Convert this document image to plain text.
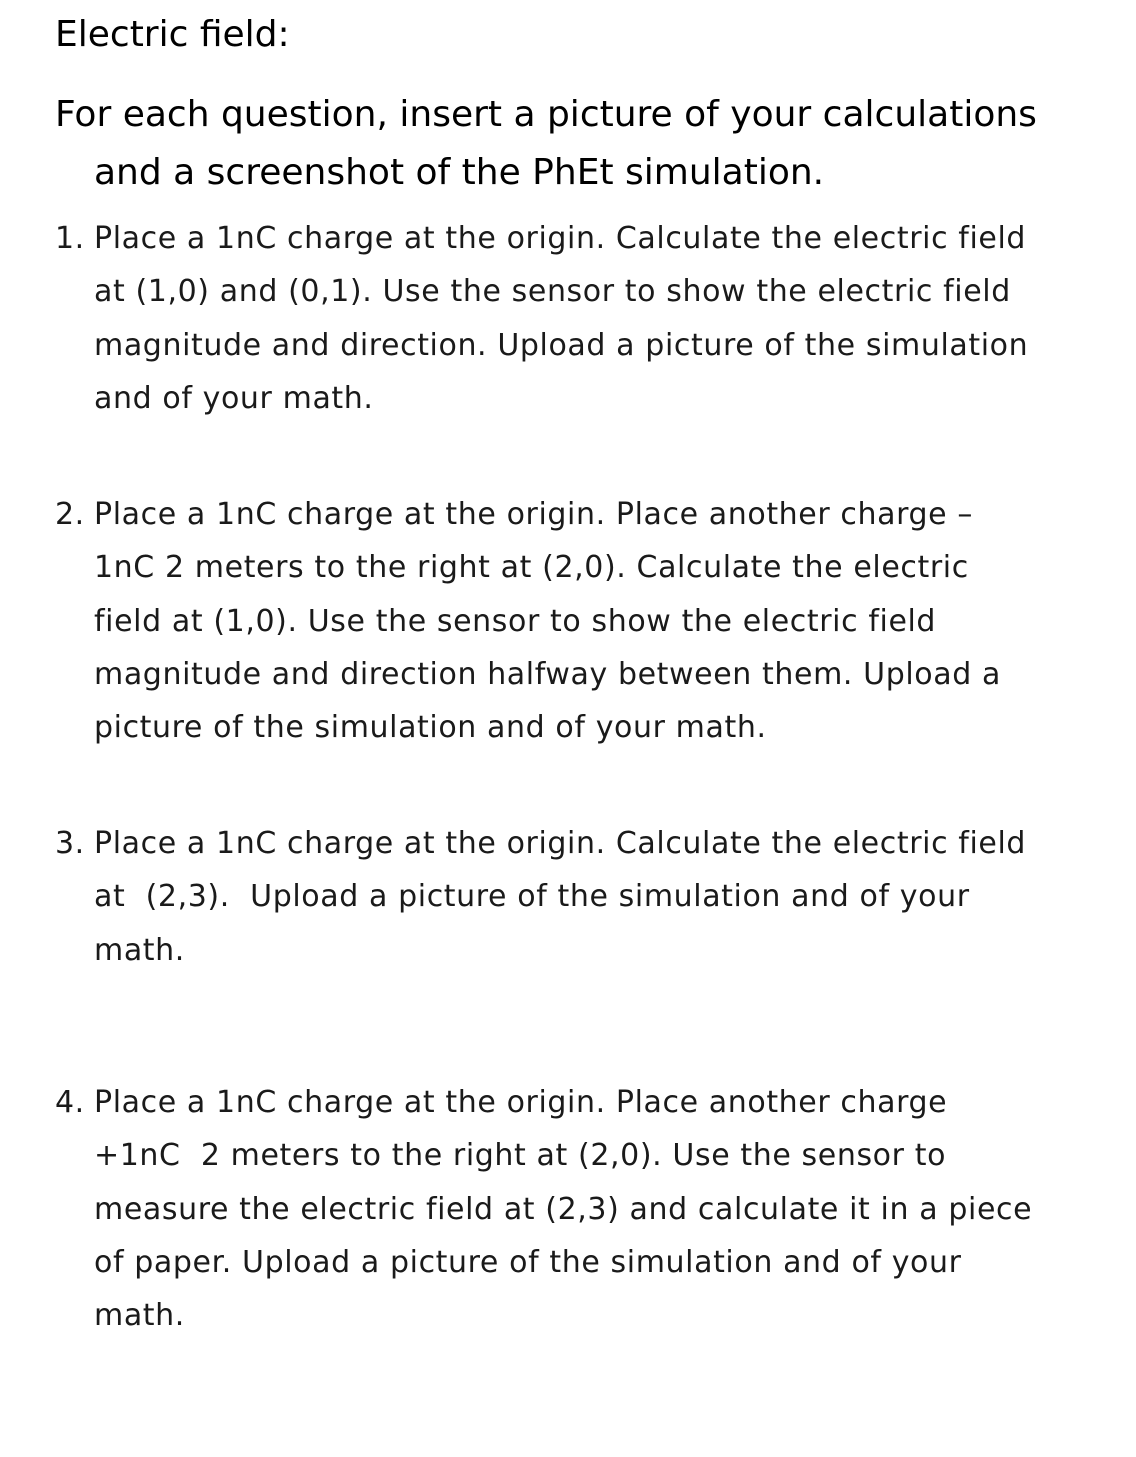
Electric field:
For each question, insert a picture of your calculations
and a screenshot of the PhEt simulation.
1. Place a 1nC charge at the origin. Calculate the electric field
at (1,0) and (0,1). Use the sensor to show the electric field
magnitude and direction. Upload a picture of the simulation
and of your math.
2. Place a 1nC charge at the origin. Place another charge –
1nC 2 meters to the right at (2,0). Calculate the electric
field at (1,0). Use the sensor to show the electric field
magnitude and direction halfway between them. Upload a
picture of the simulation and of your math.
3. Place a 1nC charge at the origin. Calculate the electric field
at  (2,3).  Upload a picture of the simulation and of your
math.
4. Place a 1nC charge at the origin. Place another charge
+1nC  2 meters to the right at (2,0). Use the sensor to
measure the electric field at (2,3) and calculate it in a piece
of paper. Upload a picture of the simulation and of your
math.
